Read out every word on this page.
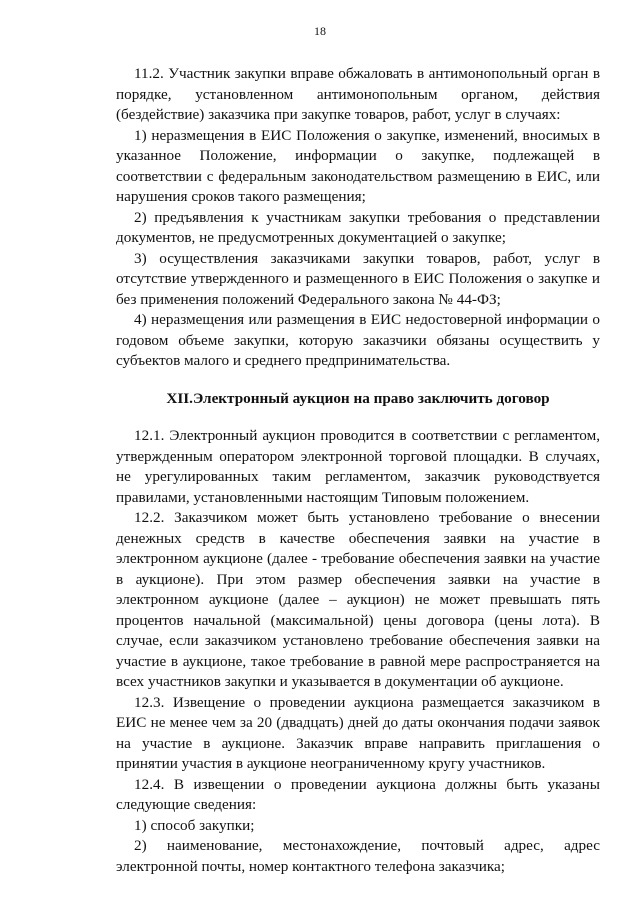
18

11.2. Участник закупки вправе обжаловать в антимонопольный орган в порядке, установленном антимонопольным органом, действия (бездействие) заказчика при закупке товаров, работ, услуг в случаях:

1) неразмещения в ЕИС Положения о закупке, изменений, вносимых в указанное Положение, информации о закупке, подлежащей в соответствии с федеральным законодательством размещению в ЕИС, или нарушения сроков такого размещения;

2) предъявления к участникам закупки требования о представлении документов, не предусмотренных документацией о закупке;

3) осуществления заказчиками закупки товаров, работ, услуг в отсутствие утвержденного и размещенного в ЕИС Положения о закупке и без применения положений Федерального закона № 44-ФЗ;

4) неразмещения или размещения в ЕИС недостоверной информации о годовом объеме закупки, которую заказчики обязаны осуществить у субъектов малого и среднего предпринимательства.

XII.Электронный аукцион на право заключить договор

12.1. Электронный аукцион проводится в соответствии с регламентом, утвержденным оператором электронной торговой площадки. В случаях, не урегулированных таким регламентом, заказчик руководствуется правилами, установленными настоящим Типовым положением.

12.2. Заказчиком может быть установлено требование о внесении денежных средств в качестве обеспечения заявки на участие в электронном аукционе (далее - требование обеспечения заявки на участие в аукционе). При этом размер обеспечения заявки на участие в электронном аукционе (далее – аукцион) не может превышать пять процентов начальной (максимальной) цены договора (цены лота). В случае, если заказчиком установлено требование обеспечения заявки на участие в аукционе, такое требование в равной мере распространяется на всех участников закупки и указывается в документации об аукционе.

12.3. Извещение о проведении аукциона размещается заказчиком в ЕИС не менее чем за 20 (двадцать) дней до даты окончания подачи заявок на участие в аукционе. Заказчик вправе направить приглашения о принятии участия в аукционе неограниченному кругу участников.

12.4. В извещении о проведении аукциона должны быть указаны следующие сведения:

1) способ закупки;

2) наименование, местонахождение, почтовый адрес, адрес электронной почты, номер контактного телефона заказчика;
